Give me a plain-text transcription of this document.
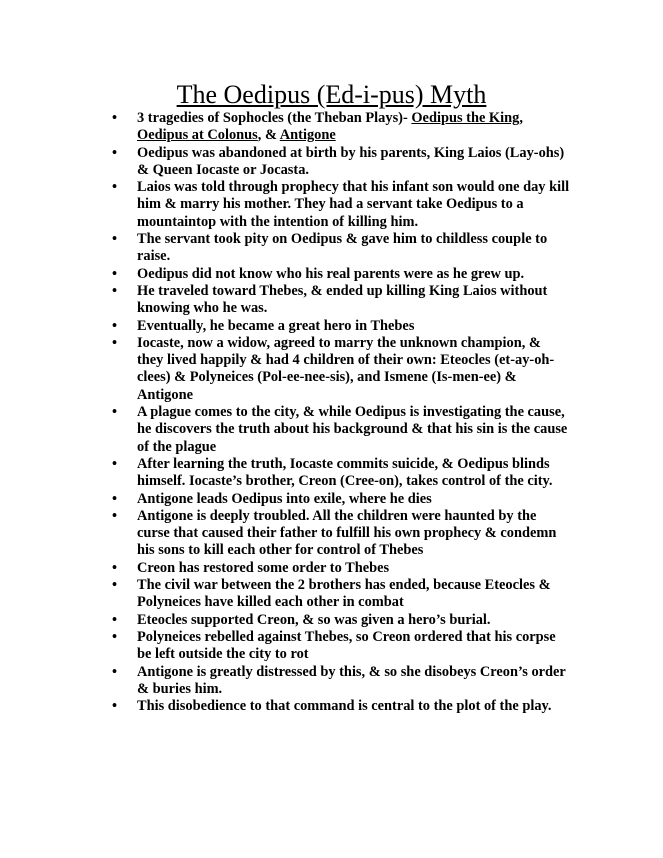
The Oedipus (Ed-i-pus) Myth
• 3 tragedies of Sophocles (the Theban Plays)- Oedipus the King, Oedipus at Colonus, & Antigone
• Oedipus was abandoned at birth by his parents, King Laios (Lay-ohs) & Queen Iocaste or Jocasta.
• Laios was told through prophecy that his infant son would one day kill him & marry his mother. They had a servant take Oedipus to a mountaintop with the intention of killing him.
• The servant took pity on Oedipus & gave him to childless couple to raise.
• Oedipus did not know who his real parents were as he grew up.
• He traveled toward Thebes, & ended up killing King Laios without knowing who he was.
• Eventually, he became a great hero in Thebes
• Iocaste, now a widow, agreed to marry the unknown champion, & they lived happily & had 4 children of their own: Eteocles (et-ay-oh-clees) & Polyneices (Pol-ee-nee-sis), and Ismene (Is-men-ee) & Antigone
• A plague comes to the city, & while Oedipus is investigating the cause, he discovers the truth about his background & that his sin is the cause of the plague
• After learning the truth, Iocaste commits suicide, & Oedipus blinds himself. Iocaste’s brother, Creon (Cree-on), takes control of the city.
• Antigone leads Oedipus into exile, where he dies
• Antigone is deeply troubled. All the children were haunted by the curse that caused their father to fulfill his own prophecy & condemn his sons to kill each other for control of Thebes
• Creon has restored some order to Thebes
• The civil war between the 2 brothers has ended, because Eteocles & Polyneices have killed each other in combat
• Eteocles supported Creon, & so was given a hero’s burial.
• Polyneices rebelled against Thebes, so Creon ordered that his corpse be left outside the city to rot
• Antigone is greatly distressed by this, & so she disobeys Creon’s order & buries him.
• This disobedience to that command is central to the plot of the play.
